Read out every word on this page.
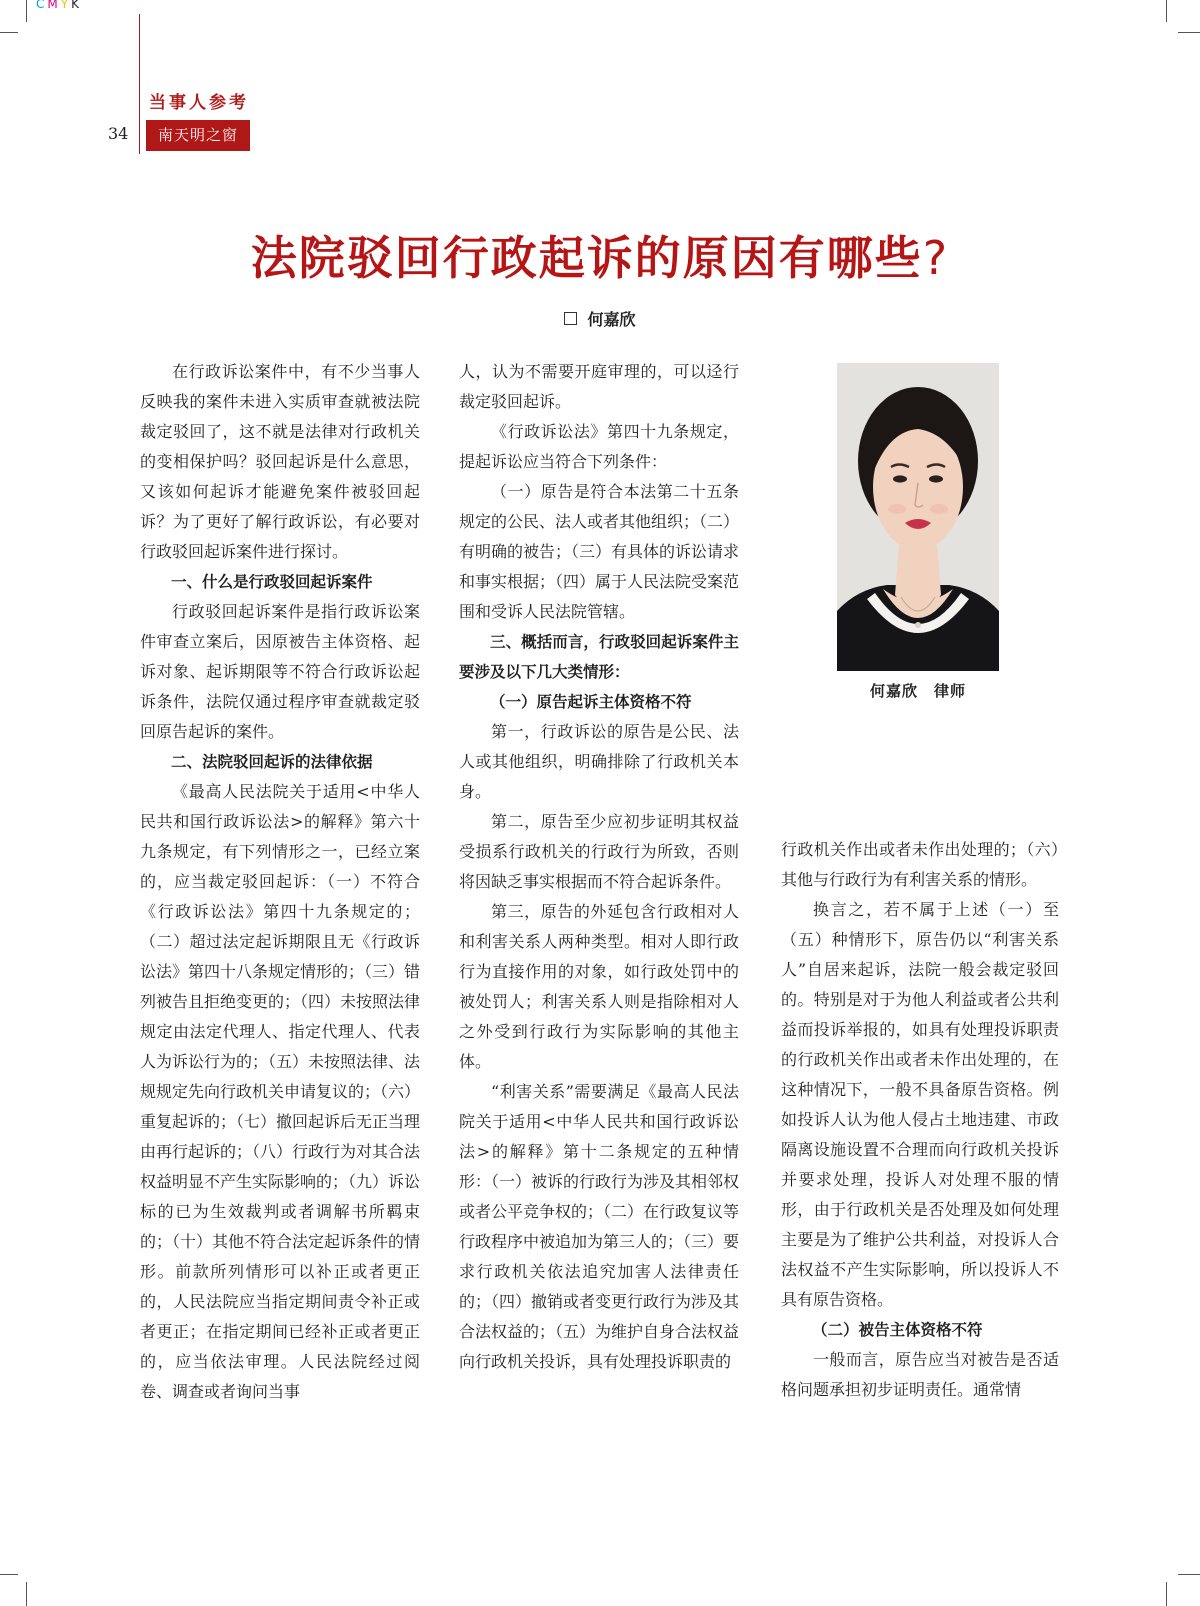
CMYK
当事人参考
34	南天明之窗
法院驳回行政起诉的原因有哪些?
何嘉欣

在行政诉讼案件中，有不少当事人反映我的案件未进入实质审查就被法院裁定驳回了，这不就是法律对行政机关的变相保护吗？驳回起诉是什么意思，又该如何起诉才能避免案件被驳回起诉？为了更好了解行政诉讼，有必要对行政驳回起诉案件进行探讨。

一、什么是行政驳回起诉案件

行政驳回起诉案件是指行政诉讼案件审查立案后，因原被告主体资格、起诉对象、起诉期限等不符合行政诉讼起诉条件，法院仅通过程序审查就裁定驳回原告起诉的案件。

二、法院驳回起诉的法律依据

《最高人民法院关于适用<中华人民共和国行政诉讼法>的解释》第六十九条规定，有下列情形之一，已经立案的，应当裁定驳回起诉：（一）不符合《行政诉讼法》第四十九条规定的；（二）超过法定起诉期限且无《行政诉讼法》第四十八条规定情形的；（三）错列被告且拒绝变更的；（四）未按照法律规定由法定代理人、指定代理人、代表人为诉讼行为的；（五）未按照法律、法规规定先向行政机关申请复议的；（六）重复起诉的；（七）撤回起诉后无正当理由再行起诉的；（八）行政行为对其合法权益明显不产生实际影响的；（九）诉讼标的已为生效裁判或者调解书所羁束的；（十）其他不符合法定起诉条件的情形。前款所列情形可以补正或者更正的，人民法院应当指定期间责令补正或者更正；在指定期间已经补正或者更正的，应当依法审理。人民法院经过阅卷、调查或者询问当事

人，认为不需要开庭审理的，可以迳行裁定驳回起诉。

《行政诉讼法》第四十九条规定，提起诉讼应当符合下列条件：

（一）原告是符合本法第二十五条规定的公民、法人或者其他组织；（二）有明确的被告；（三）有具体的诉讼请求和事实根据；（四）属于人民法院受案范围和受诉人民法院管辖。

三、概括而言，行政驳回起诉案件主要涉及以下几大类情形：

（一）原告起诉主体资格不符

第一，行政诉讼的原告是公民、法人或其他组织，明确排除了行政机关本身。

第二，原告至少应初步证明其权益受损系行政机关的行政行为所致，否则将因缺乏事实根据而不符合起诉条件。

第三，原告的外延包含行政相对人和利害关系人两种类型。相对人即行政行为直接作用的对象，如行政处罚中的被处罚人；利害关系人则是指除相对人之外受到行政行为实际影响的其他主体。

“利害关系”需要满足《最高人民法院关于适用<中华人民共和国行政诉讼法>的解释》第十二条规定的五种情形：（一）被诉的行政行为涉及其相邻权或者公平竞争权的；（二）在行政复议等行政程序中被追加为第三人的；（三）要求行政机关依法追究加害人法律责任的；（四）撤销或者变更行政行为涉及其合法权益的；（五）为维护自身合法权益向行政机关投诉，具有处理投诉职责的

行政机关作出或者未作出处理的；（六）其他与行政行为有利害关系的情形。

换言之，若不属于上述（一）至（五）种情形下，原告仍以“利害关系人”自居来起诉，法院一般会裁定驳回的。特别是对于为他人利益或者公共利益而投诉举报的，如具有处理投诉职责的行政机关作出或者未作出处理的，在这种情况下，一般不具备原告资格。例如投诉人认为他人侵占土地违建、市政隔离设施设置不合理而向行政机关投诉并要求处理，投诉人对处理不服的情形，由于行政机关是否处理及如何处理主要是为了维护公共利益，对投诉人合法权益不产生实际影响，所以投诉人不具有原告资格。

（二）被告主体资格不符

一般而言，原告应当对被告是否适格问题承担初步证明责任。通常情

何嘉欣　律师
